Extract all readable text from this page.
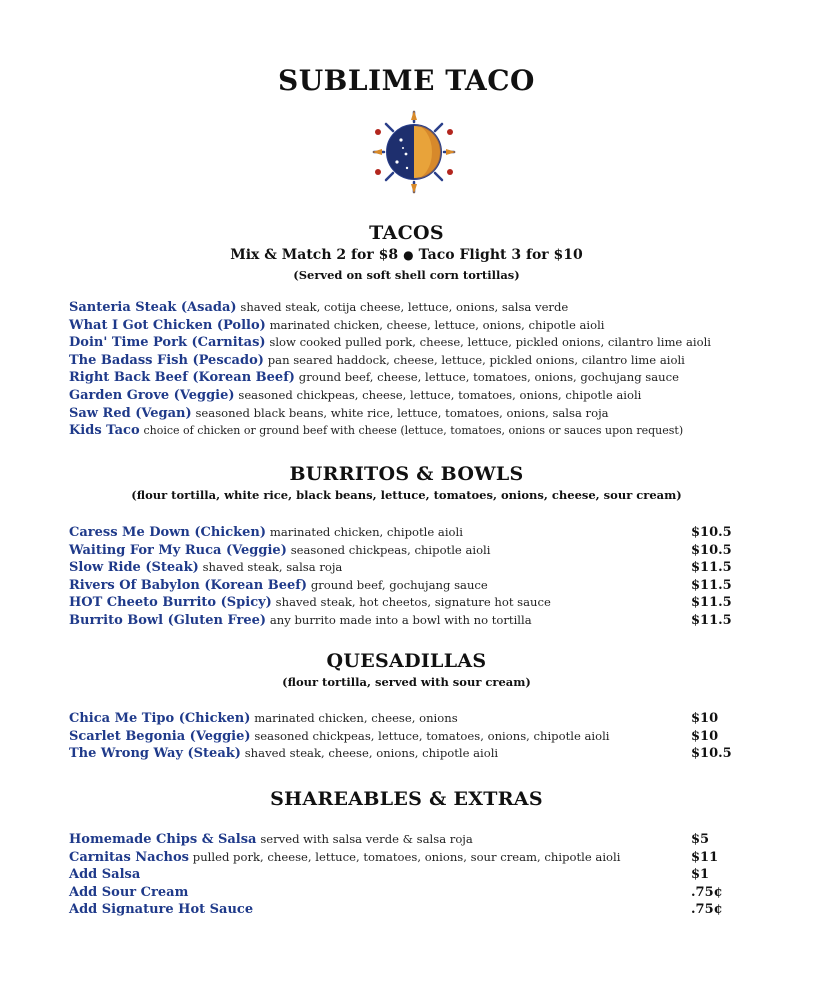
SUBLIME TACO
TACOS
Mix & Match 2 for $8 ● Taco Flight 3 for $10
(Served on soft shell corn tortillas)
Santeria Steak (Asada) shaved steak, cotija cheese, lettuce, onions, salsa verde
What I Got Chicken (Pollo) marinated chicken, cheese, lettuce, onions, chipotle aioli
Doin' Time Pork (Carnitas) slow cooked pulled pork, cheese, lettuce, pickled onions, cilantro lime aioli
The Badass Fish (Pescado) pan seared haddock, cheese, lettuce, pickled onions, cilantro lime aioli
Right Back Beef (Korean Beef) ground beef, cheese, lettuce, tomatoes, onions, gochujang sauce
Garden Grove (Veggie) seasoned chickpeas, cheese, lettuce, tomatoes, onions, chipotle aioli
Saw Red (Vegan) seasoned black beans, white rice, lettuce, tomatoes, onions, salsa roja
Kids Taco choice of chicken or ground beef with cheese (lettuce, tomatoes, onions or sauces upon request)
BURRITOS & BOWLS
(flour tortilla, white rice, black beans, lettuce, tomatoes, onions, cheese, sour cream)
Caress Me Down (Chicken) marinated chicken, chipotle aioli	$10.5
Waiting For My Ruca (Veggie) seasoned chickpeas, chipotle aioli	$10.5
Slow Ride (Steak) shaved steak, salsa roja	$11.5
Rivers Of Babylon (Korean Beef) ground beef, gochujang sauce	$11.5
HOT Cheeto Burrito (Spicy) shaved steak, hot cheetos, signature hot sauce	$11.5
Burrito Bowl (Gluten Free) any burrito made into a bowl with no tortilla	$11.5
QUESADILLAS
(flour tortilla, served with sour cream)
Chica Me Tipo (Chicken) marinated chicken, cheese, onions	$10
Scarlet Begonia (Veggie) seasoned chickpeas, lettuce, tomatoes, onions, chipotle aioli	$10
The Wrong Way (Steak) shaved steak, cheese, onions, chipotle aioli	$10.5
SHAREABLES & EXTRAS
Homemade Chips & Salsa served with salsa verde & salsa roja	$5
Carnitas Nachos pulled pork, cheese, lettuce, tomatoes, onions, sour cream, chipotle aioli	$11
Add Salsa	$1
Add Sour Cream	.75¢
Add Signature Hot Sauce	.75¢
